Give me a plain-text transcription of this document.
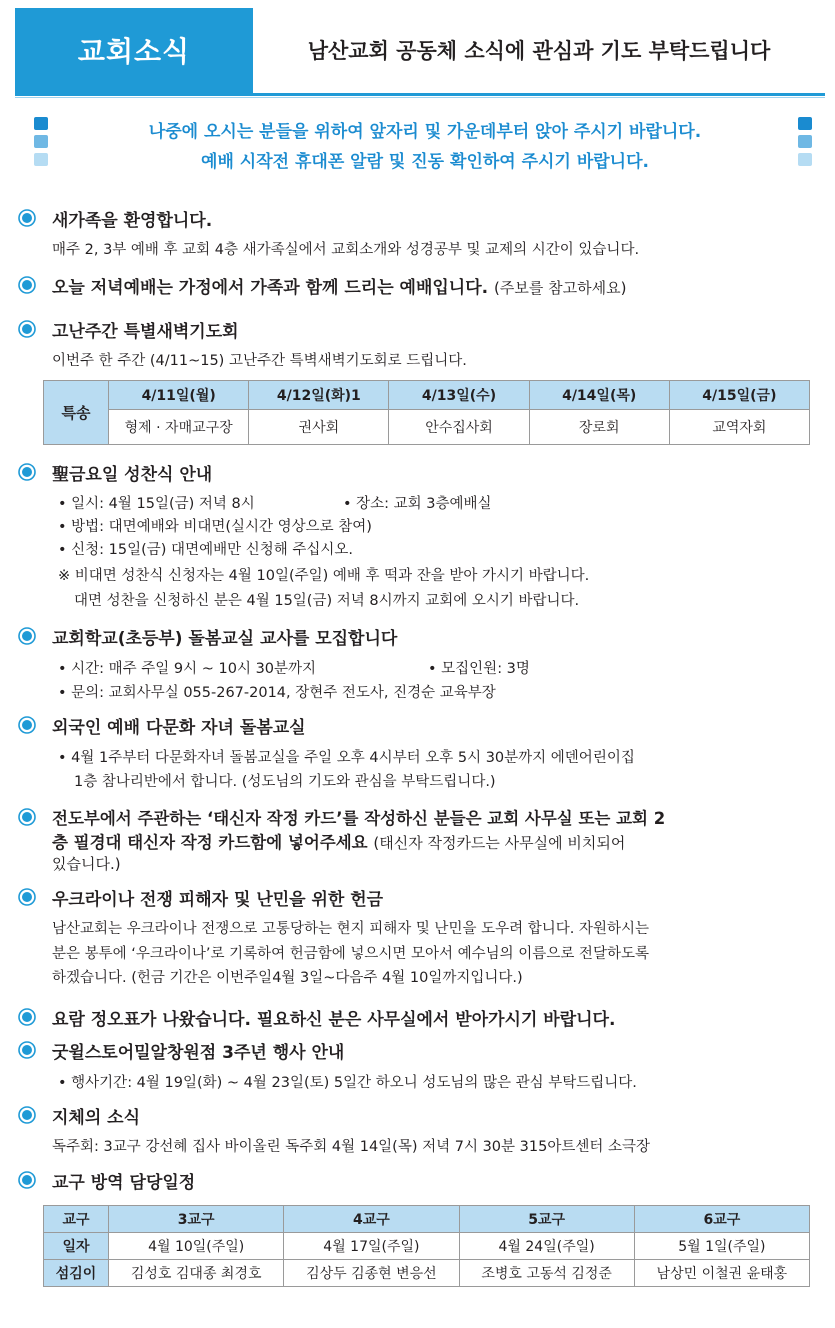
교회소식	남산교회 공동체 소식에 관심과 기도 부탁드립니다
나중에 오시는 분들을 위하여 앞자리 및 가운데부터 앉아 주시기 바랍니다.
예배 시작전 휴대폰 알람 및 진동 확인하여 주시기 바랍니다.
새가족을 환영합니다.
매주 2, 3부 예배 후 교회 4층 새가족실에서 교회소개와 성경공부 및 교제의 시간이 있습니다.
오늘 저녁예배는 가정에서 가족과 함께 드리는 예배입니다. (주보를 참고하세요)
고난주간 특별새벽기도회
이번주 한 주간 (4/11~15) 고난주간 특벽새벽기도회로 드립니다.
특송	4/11일(월)	4/12일(화)1	4/13일(수)	4/14일(목)	4/15일(금)
	형제 · 자매교구장	권사회	안수집사회	장로회	교역자회
聖금요일 성찬식 안내
• 일시: 4월 15일(금) 저녁 8시	• 장소: 교회 3층예배실
• 방법: 대면예배와 비대면(실시간 영상으로 참여)
• 신청: 15일(금) 대면예배만 신청해 주십시오.
※ 비대면 성찬식 신청자는 4월 10일(주일) 예배 후 떡과 잔을 받아 가시기 바랍니다.
대면 성찬을 신청하신 분은 4월 15일(금) 저녁 8시까지 교회에 오시기 바랍니다.
교회학교(초등부) 돌봄교실 교사를 모집합니다
• 시간: 매주 주일 9시 ~ 10시 30분까지	• 모집인원: 3명
• 문의: 교회사무실 055-267-2014, 장현주 전도사, 진경순 교육부장
외국인 예배 다문화 자녀 돌봄교실
• 4월 1주부터 다문화자녀 돌봄교실을 주일 오후 4시부터 오후 5시 30분까지 에덴어린이집
1층 참나리반에서 합니다. (성도님의 기도와 관심을 부탁드립니다.)
전도부에서 주관하는 ‘태신자 작정 카드’를 작성하신 분들은 교회 사무실 또는 교회 2
층 필경대 태신자 작정 카드함에 넣어주세요 (태신자 작정카드는 사무실에 비치되어
있습니다.)
우크라이나 전쟁 피해자 및 난민을 위한 헌금
남산교회는 우크라이나 전쟁으로 고통당하는 현지 피해자 및 난민을 도우려 합니다. 자원하시는
분은 봉투에 ‘우크라이나’로 기록하여 헌금함에 넣으시면 모아서 예수님의 이름으로 전달하도록
하겠습니다. (헌금 기간은 이번주일4월 3일~다음주 4월 10일까지입니다.)
요람 정오표가 나왔습니다. 필요하신 분은 사무실에서 받아가시기 바랍니다.
굿윌스토어밀알창원점 3주년 행사 안내
• 행사기간: 4월 19일(화) ~ 4월 23일(토) 5일간 하오니 성도님의 많은 관심 부탁드립니다.
지체의 소식
독주회: 3교구 강선혜 집사 바이올린 독주회 4월 14일(목) 저녁 7시 30분 315아트센터 소극장
교구 방역 담당일정
교구	3교구	4교구	5교구	6교구
일자	4월 10일(주일)	4월 17일(주일)	4월 24일(주일)	5월 1일(주일)
섬김이	김성호 김대종 최경호	김상두 김종현 변응선	조병호 고동석 김정준	남상민 이철권 윤태홍
